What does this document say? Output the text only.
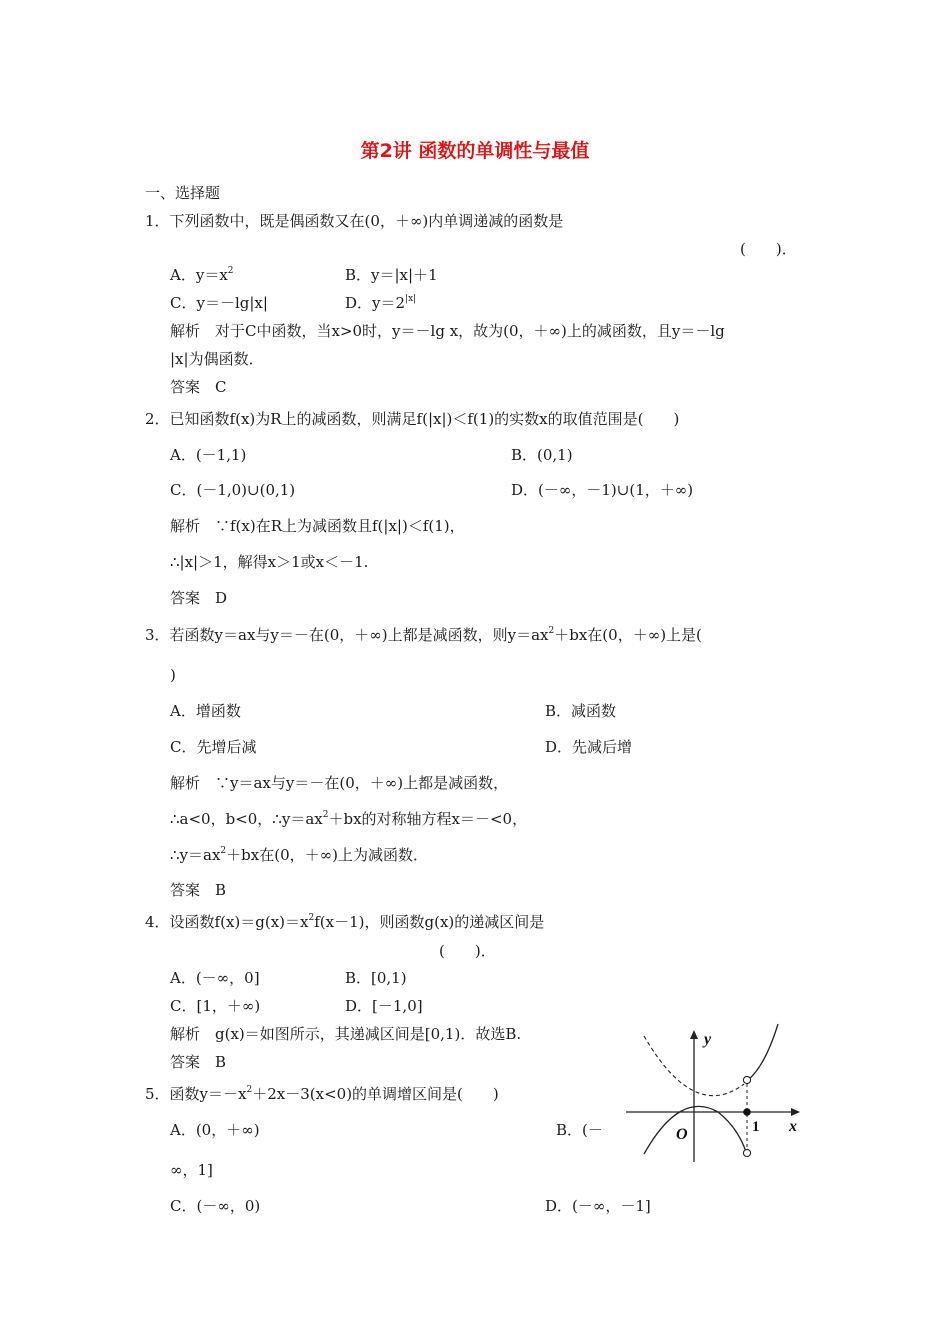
第2讲 函数的单调性与最值
一、选择题
1．下列函数中，既是偶函数又在(0，＋∞)内单调递减的函数是
(　　)．
A．$y=x^2$	B．y＝|x|＋1
C．y＝－lg|x|	D．$y=2^{|x|}$
解析　对于C中函数，当x>0时，y＝－lg x，故为(0，＋∞)上的减函数，且y＝－lg
|x|为偶函数．
答案　C
2．已知函数f(x)为R上的减函数，则满足f(|x|)＜f(1)的实数x的取值范围是(　　)
A．(－1,1)	B．(0,1)
C．(－1,0)∪(0,1)	D．(－∞，－1)∪(1，＋∞)
解析　∵f(x)在R上为减函数且f(|x|)＜f(1)，
∴|x|＞1，解得x＞1或x＜－1.
答案　D
3．若函数y＝ax与y＝－在(0，＋∞)上都是减函数，则$y=ax^2+bx$在(0，＋∞)上是(
)
A．增函数	B．减函数
C．先增后减	D．先减后增
解析　∵y＝ax与y＝－在(0，＋∞)上都是减函数，
∴a<0，b<0，$\therefore y=ax^2+bx$的对称轴方程x＝－<0，
$\therefore y=ax^2+bx$在(0，＋∞)上为减函数．
答案　B
4．设函数$f(x)=g(x)=x^2f(x-1)$，则函数g(x)的递减区间是
(　　)．
A．(－∞，0]	B．[0,1)
C．[1，＋∞)	D．[－1,0]
解析　g(x)＝如图所示，其递减区间是[0,1)．故选B.
答案　B
5．函数$y=-x^2+2x-3(x<0)$的单调增区间是(　　)
A．(0，＋∞)	B．(－
∞，1]
C．(－∞，0)	D．(－∞，－1]
y
x
O	1
